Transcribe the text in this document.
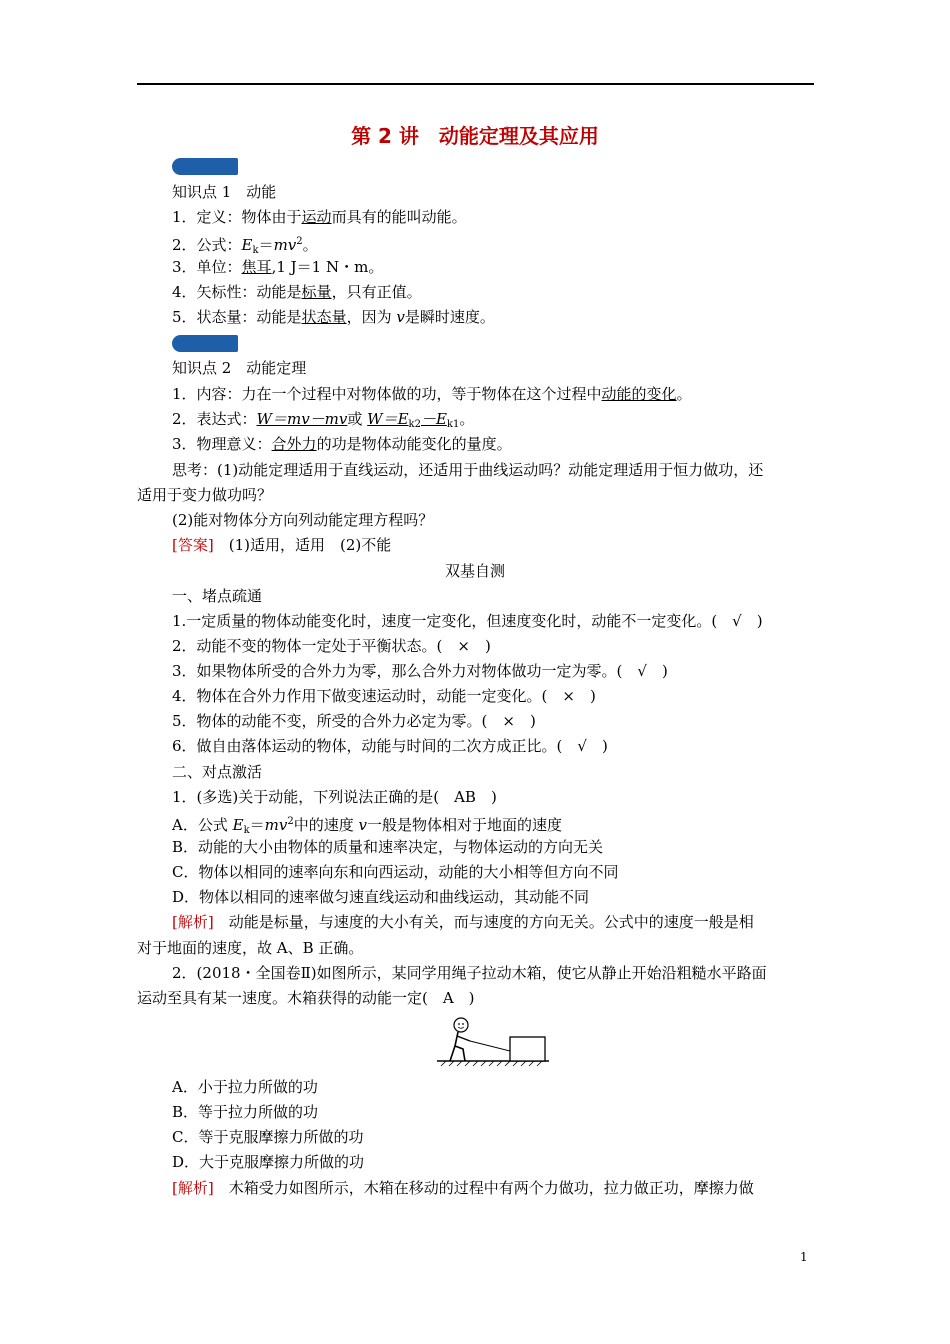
第 2 讲　动能定理及其应用
知识点 1　动能
1．定义：物体由于运动而具有的能叫动能。
2．公式：$E_k=mv^2$。
3．单位：焦耳,1 J＝1 N・m。
4．矢标性：动能是标量，只有正值。
5．状态量：动能是状态量，因为 v是瞬时速度。
知识点 2　动能定理
1．内容：力在一个过程中对物体做的功，等于物体在这个过程中动能的变化。
2．表达式：W＝mv－mv或 $W=E_{k2}-E_{k1}$。
3．物理意义：合外力的功是物体动能变化的量度。
思考：(1)动能定理适用于直线运动，还适用于曲线运动吗？动能定理适用于恒力做功，还
适用于变力做功吗？
(2)能对物体分方向列动能定理方程吗？
[答案]　(1)适用，适用　(2)不能
双基自测
一、堵点疏通
1.一定质量的物体动能变化时，速度一定变化，但速度变化时，动能不一定变化。(　√　)
2．动能不变的物体一定处于平衡状态。(　×　)
3．如果物体所受的合外力为零，那么合外力对物体做功一定为零。(　√　)
4．物体在合外力作用下做变速运动时，动能一定变化。(　×　)
5．物体的动能不变，所受的合外力必定为零。(　×　)
6．做自由落体运动的物体，动能与时间的二次方成正比。(　√　)
二、对点激活
1．(多选)关于动能，下列说法正确的是(　AB　)
A．公式 $E_k=mv^2$中的速度 v一般是物体相对于地面的速度
B．动能的大小由物体的质量和速率决定，与物体运动的方向无关
C．物体以相同的速率向东和向西运动，动能的大小相等但方向不同
D．物体以相同的速率做匀速直线运动和曲线运动，其动能不同
[解析]　动能是标量，与速度的大小有关，而与速度的方向无关。公式中的速度一般是相
对于地面的速度，故 A、B 正确。
2．(2018・全国卷Ⅱ)如图所示，某同学用绳子拉动木箱，使它从静止开始沿粗糙水平路面
运动至具有某一速度。木箱获得的动能一定(　A　)
A．小于拉力所做的功
B．等于拉力所做的功
C．等于克服摩擦力所做的功
D．大于克服摩擦力所做的功
[解析]　木箱受力如图所示，木箱在移动的过程中有两个力做功，拉力做正功，摩擦力做
1
